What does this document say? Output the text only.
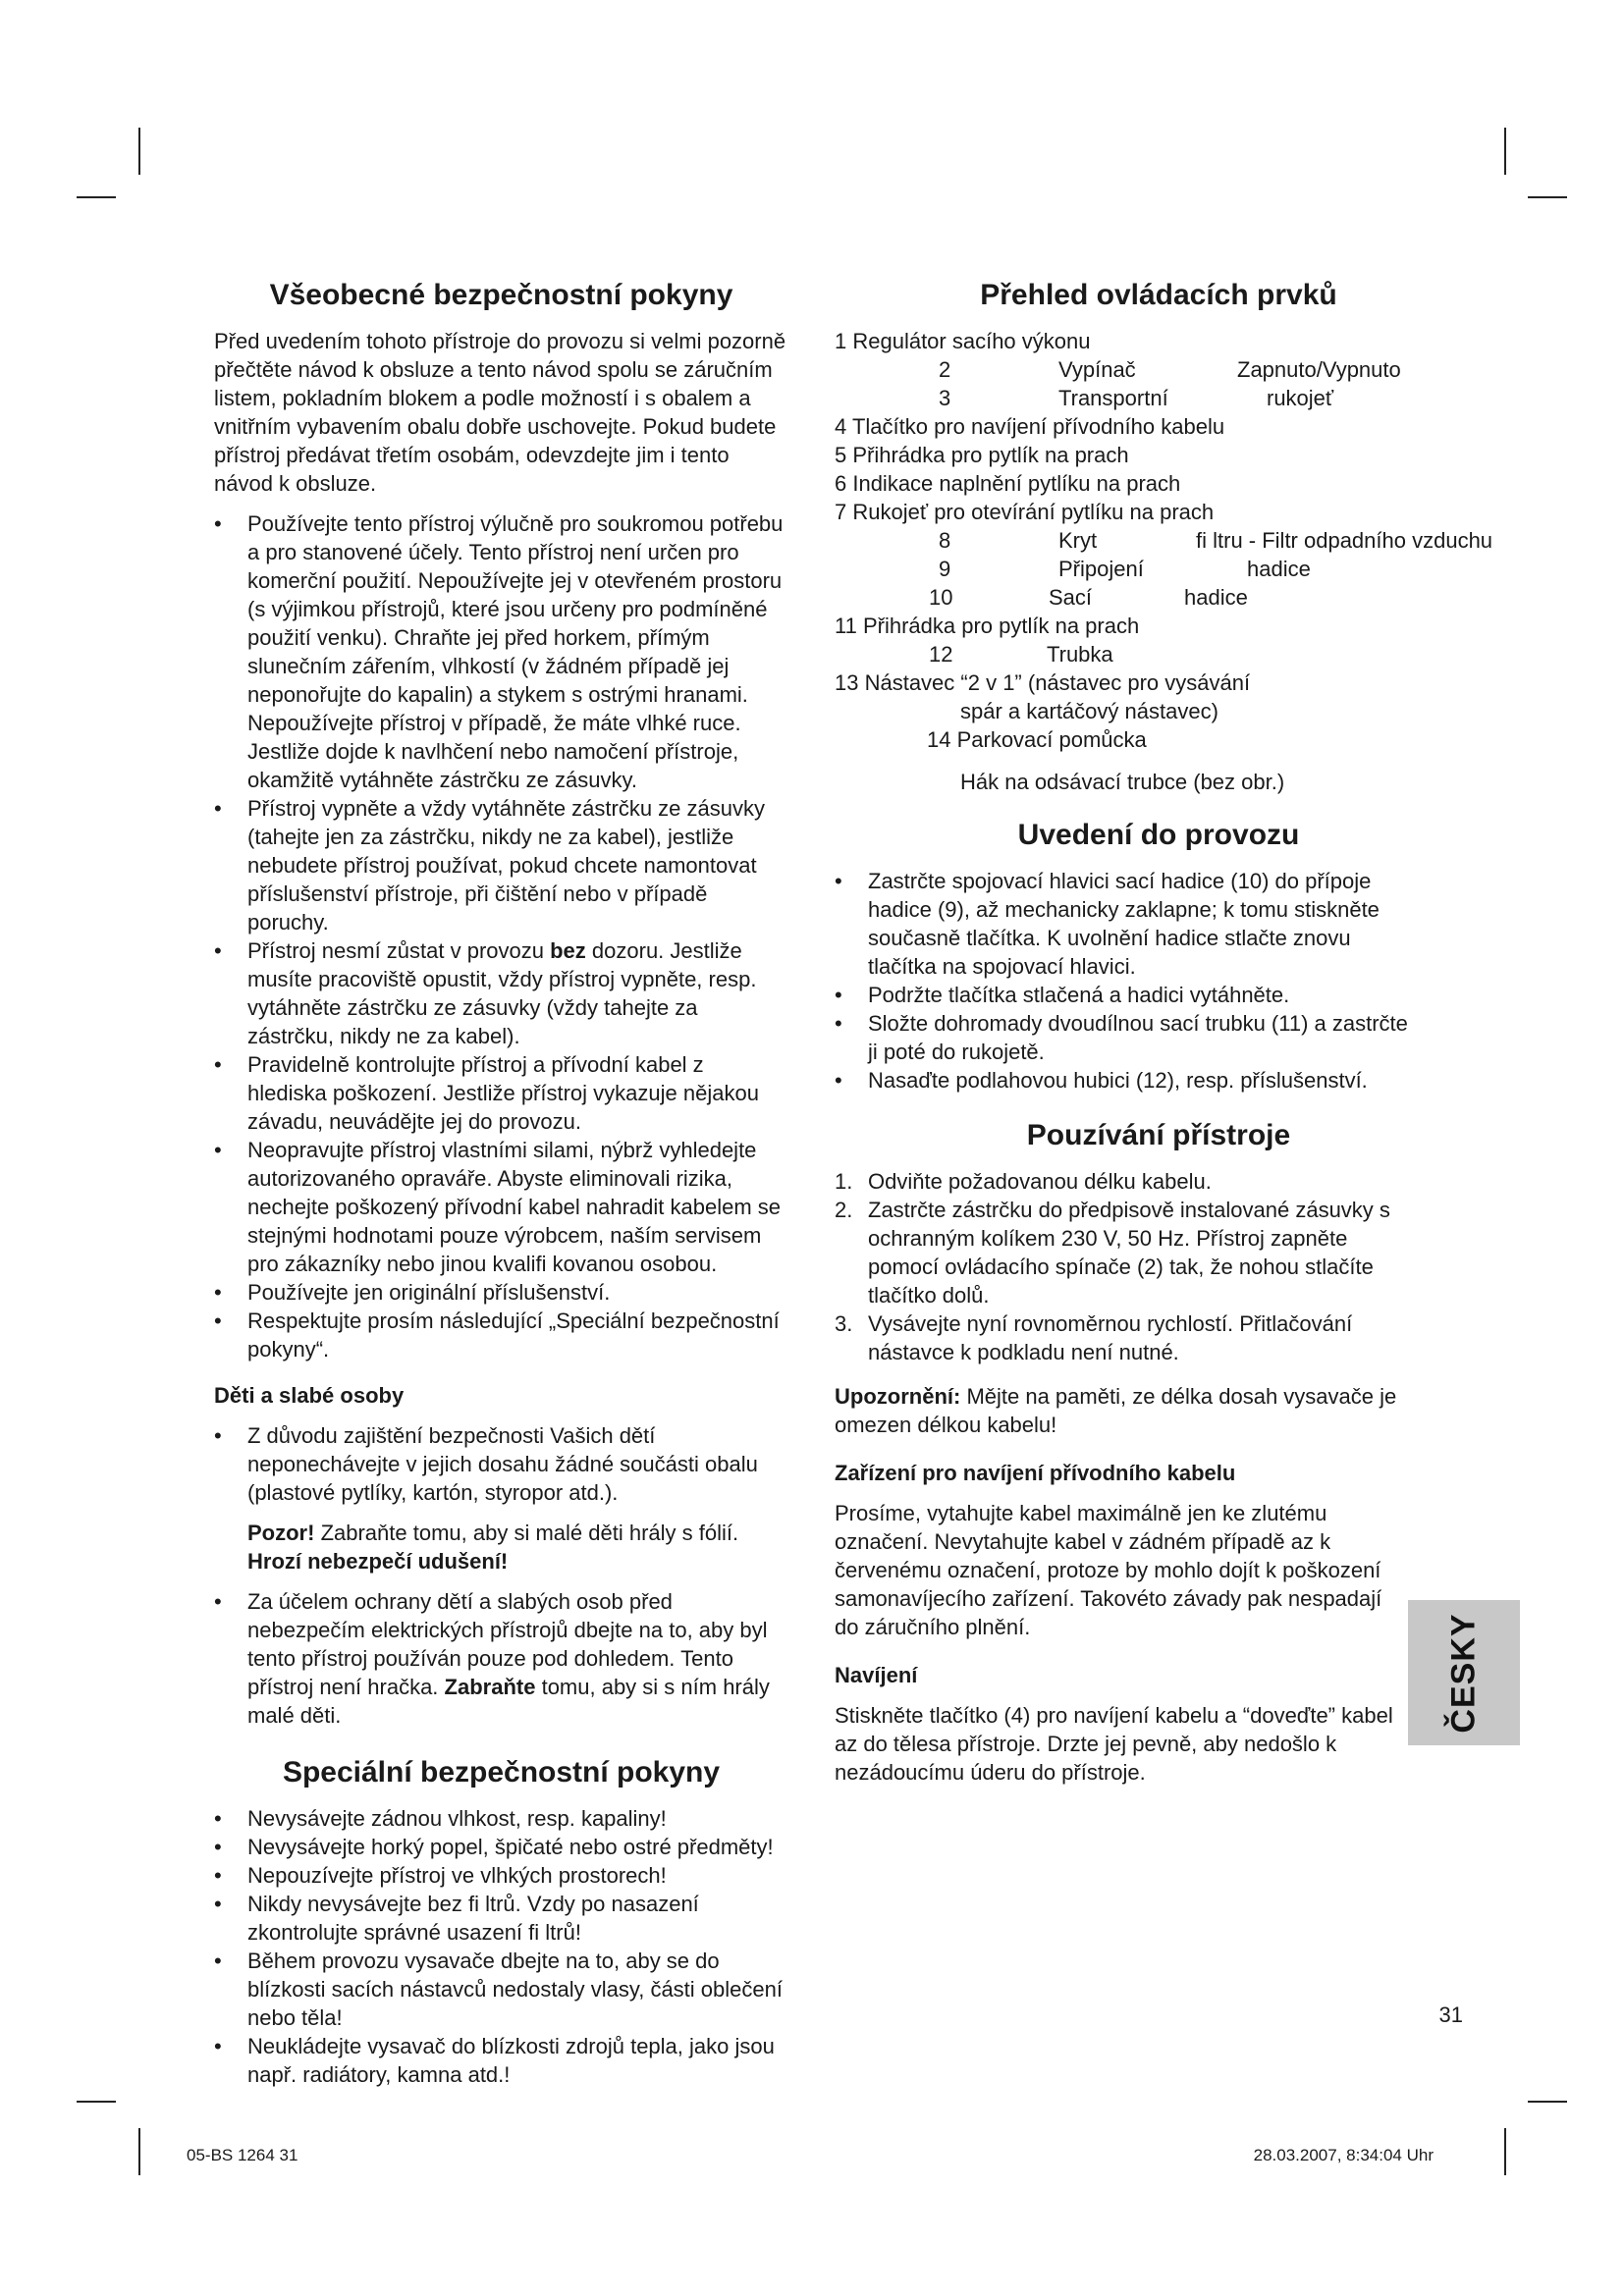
Všeobecné bezpečnostní pokyny

Před uvedením tohoto přístroje do provozu si velmi pozorně přečtěte návod k obsluze a tento návod spolu se záručním listem, pokladním blokem a podle možností i s obalem a vnitřním vybavením obalu dobře uschovejte. Pokud budete přístroj předávat třetím osobám, odevzdejte jim i tento návod k obsluze.

• Používejte tento přístroj výlučně pro soukromou potřebu a pro stanovené účely. Tento přístroj není určen pro komerční použití. Nepoužívejte jej v otevřeném prostoru (s výjimkou přístrojů, které jsou určeny pro podmíněné použití venku). Chraňte jej před horkem, přímým slunečním zářením, vlhkostí (v žádném případě jej neponořujte do kapalin) a stykem s ostrými hranami. Nepoužívejte přístroj v případě, že máte vlhké ruce. Jestliže dojde k navlhčení nebo namočení přístroje, okamžitě vytáhněte zástrčku ze zásuvky.
• Přístroj vypněte a vždy vytáhněte zástrčku ze zásuvky (tahejte jen za zástrčku, nikdy ne za kabel), jestliže nebudete přístroj používat, pokud chcete namontovat příslušenství přístroje, při čištění nebo v případě poruchy.
• Přístroj nesmí zůstat v provozu bez dozoru. Jestliže musíte pracoviště opustit, vždy přístroj vypněte, resp. vytáhněte zástrčku ze zásuvky (vždy tahejte za zástrčku, nikdy ne za kabel).
• Pravidelně kontrolujte přístroj a přívodní kabel z hlediska poškození. Jestliže přístroj vykazuje nějakou závadu, neuvádějte jej do provozu.
• Neopravujte přístroj vlastními silami, nýbrž vyhledejte autorizovaného opraváře. Abyste eliminovali rizika, nechejte poškozený přívodní kabel nahradit kabelem se stejnými hodnotami pouze výrobcem, naším servisem pro zákazníky nebo jinou kvalifi kovanou osobou.
• Používejte jen originální příslušenství.
• Respektujte prosím následující „Speciální bezpečnostní pokyny“.
Děti a slabé osoby
• Z důvodu zajištění bezpečnosti Vašich dětí neponechávejte v jejich dosahu žádné součásti obalu (plastové pytlíky, kartón, styropor atd.).

Pozor! Zabraňte tomu, aby si malé děti hrály s fólií. Hrozí nebezpečí udušení!

• Za účelem ochrany dětí a slabých osob před nebezpečím elektrických přístrojů dbejte na to, aby byl tento přístroj používán pouze pod dohledem. Tento přístroj není hračka. Zabraňte tomu, aby si s ním hrály malé děti.
Speciální bezpečnostní pokyny
• Nevysávejte zádnou vlhkost, resp. kapaliny!
• Nevysávejte horký popel, špičaté nebo ostré předměty!
• Nepouzívejte přístroj ve vlhkých prostorech!
• Nikdy nevysávejte bez fi ltrů. Vzdy po nasazení zkontrolujte správné usazení fi ltrů!
• Během provozu vysavače dbejte na to, aby se do blízkosti sacích nástavců nedostaly vlasy, části oblečení nebo těla!
• Neukládejte vysavač do blízkosti zdrojů tepla, jako jsou např. radiátory, kamna atd.!
Přehled ovládacích prvků
1 Regulátor sacího výkonu
2	Vypínač	Zapnuto/Vypnuto
3	Transportní	rukojeť
4 Tlačítko pro navíjení přívodního kabelu
5 Přihrádka pro pytlík na prach
6 Indikace naplnění pytlíku na prach
7 Rukojeť pro otevírání pytlíku na prach
8	Kryt	fi ltru - Filtr odpadního vzduchu
9	Připojení	hadice
10	Sací	hadice
11 Přihrádka pro pytlík na prach
12	Trubka
13 Nástavec “2 v 1” (nástavec pro vysávání
spár a kartáčový nástavec)
14 Parkovací pomůcka
Hák na odsávací trubce (bez obr.)
Uvedení do provozu
• Zastrčte spojovací hlavici sací hadice (10) do přípoje hadice (9), až mechanicky zaklapne; k tomu stiskněte současně tlačítka. K uvolnění hadice stlačte znovu tlačítka na spojovací hlavici.
• Podržte tlačítka stlačená a hadici vytáhněte.
• Složte dohromady dvoudílnou sací trubku (11) a zastrčte ji poté do rukojetě.
• Nasaďte podlahovou hubici (12), resp. příslušenství.
Pouzívání přístroje
1. Odviňte požadovanou délku kabelu.
2. Zastrčte zástrčku do předpisově instalované zásuvky s ochranným kolíkem 230 V, 50 Hz. Přístroj zapněte pomocí ovládacího spínače (2) tak, že nohou stlačíte tlačítko dolů.
3. Vysávejte nyní rovnoměrnou rychlostí. Přitlačování nástavce k podkladu není nutné.

Upozornění: Mějte na paměti, ze délka dosah vysavače je omezen délkou kabelu!

Zařízení pro navíjení přívodního kabelu

Prosíme, vytahujte kabel maximálně jen ke zlutému označení. Nevytahujte kabel v zádném případě az k červenému označení, protoze by mohlo dojít k poškození samonavíjecího zařízení. Takovéto závady pak nespadají do záručního plnění.

Navíjení

Stiskněte tlačítko (4) pro navíjení kabelu a “doveďte” kabel az do tělesa přístroje. Drzte jej pevně, aby nedošlo k nezádoucímu úderu do přístroje.

ČESKY
31
05-BS 1264 31	28.03.2007, 8:34:04 Uhr
